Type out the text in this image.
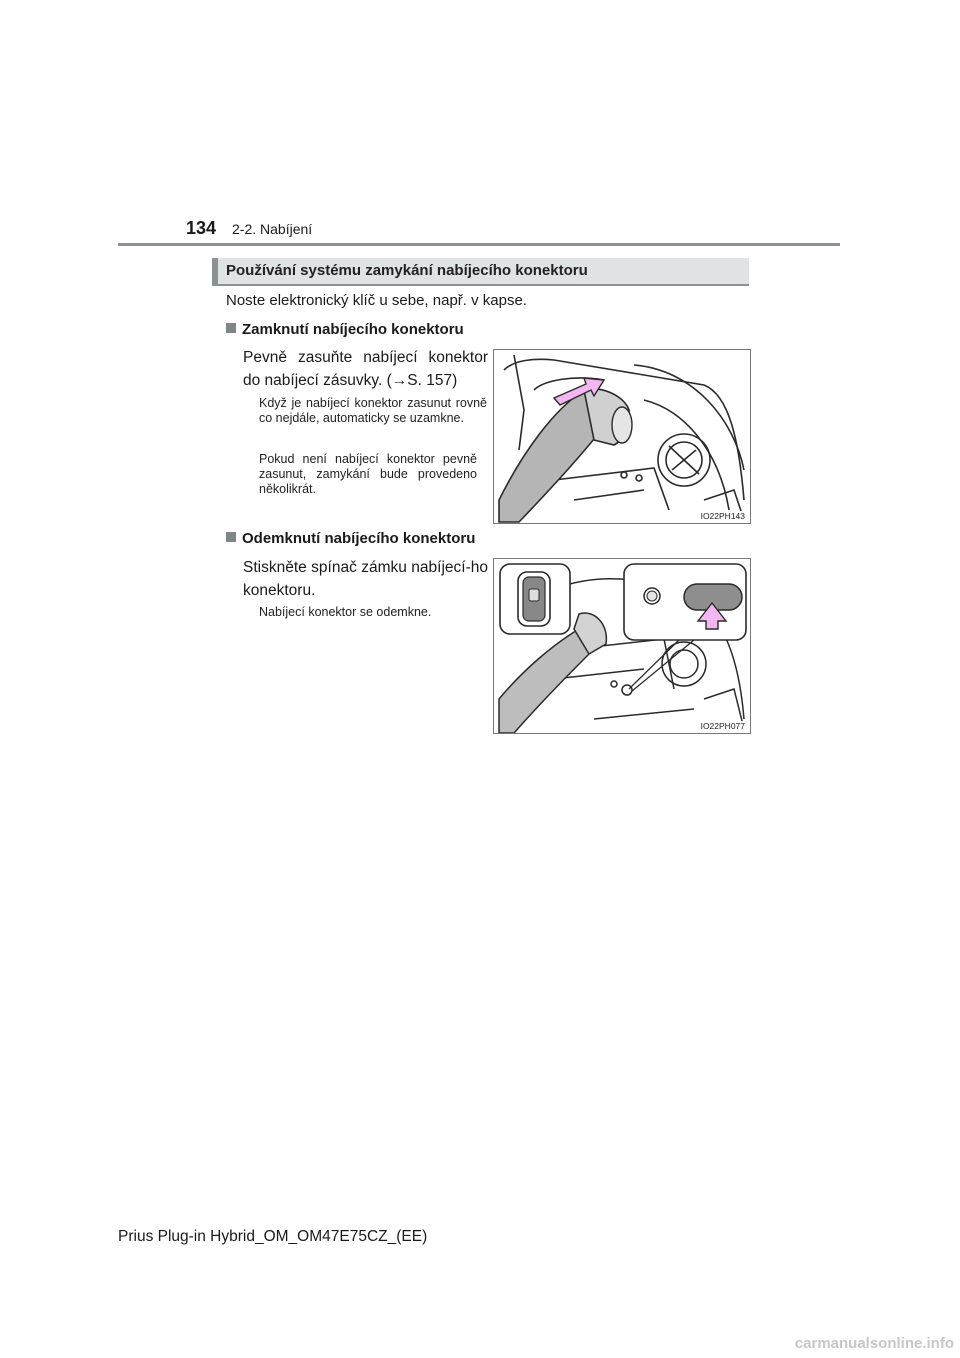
134 2-2. Nabíjení
Používání systému zamykání nabíjecího konektoru
Noste elektronický klíč u sebe, např. v kapse.
Zamknutí nabíjecího konektoru
Pevně zasuňte nabíjecí konektor do nabíjecí zásuvky. (→S. 157)
Když je nabíjecí konektor zasunut rovně co nejdále, automaticky se uzamkne.
Pokud není nabíjecí konektor pevně zasunut, zamykání bude provedeno několikrát.
IO22PH143
Odemknutí nabíjecího konektoru
Stiskněte spínač zámku nabíjecí-ho konektoru.
Nabíjecí konektor se odemkne.
IO22PH077
Prius Plug-in Hybrid_OM_OM47E75CZ_(EE)
carmanualsonline.info
